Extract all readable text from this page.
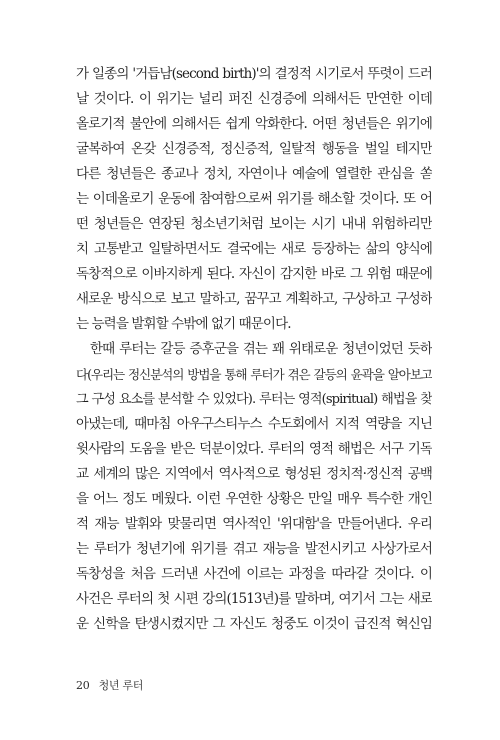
가 일종의 '거듭남(second birth)'의 결정적 시기로서 뚜렷이 드러
날 것이다. 이 위기는 널리 퍼진 신경증에 의해서든 만연한 이데
올로기적 불안에 의해서든 쉽게 악화한다. 어떤 청년들은 위기에
굴복하여 온갖 신경증적, 정신증적, 일탈적 행동을 벌일 테지만
다른 청년들은 종교나 정치, 자연이나 예술에 열렬한 관심을 쏟
는 이데올로기 운동에 참여함으로써 위기를 해소할 것이다. 또 어
떤 청년들은 연장된 청소년기처럼 보이는 시기 내내 위험하리만
치 고통받고 일탈하면서도 결국에는 새로 등장하는 삶의 양식에
독창적으로 이바지하게 된다. 자신이 감지한 바로 그 위험 때문에
새로운 방식으로 보고 말하고, 꿈꾸고 계획하고, 구상하고 구성하
는 능력을 발휘할 수밖에 없기 때문이다.
한때 루터는 갈등 증후군을 겪는 꽤 위태로운 청년이었던 듯하
다(우리는 정신분석의 방법을 통해 루터가 겪은 갈등의 윤곽을 알아보고
그 구성 요소를 분석할 수 있었다). 루터는 영적(spiritual) 해법을 찾
아냈는데, 때마침 아우구스티누스 수도회에서 지적 역량을 지닌
윗사람의 도움을 받은 덕분이었다. 루터의 영적 해법은 서구 기독
교 세계의 많은 지역에서 역사적으로 형성된 정치적·정신적 공백
을 어느 정도 메웠다. 이런 우연한 상황은 만일 매우 특수한 개인
적 재능 발휘와 맞물리면 역사적인 '위대함'을 만들어낸다. 우리
는 루터가 청년기에 위기를 겪고 재능을 발전시키고 사상가로서
독창성을 처음 드러낸 사건에 이르는 과정을 따라갈 것이다. 이
사건은 루터의 첫 시편 강의(1513년)를 말하며, 여기서 그는 새로
운 신학을 탄생시켰지만 그 자신도 청중도 이것이 급진적 혁신임
20 청년 루터
